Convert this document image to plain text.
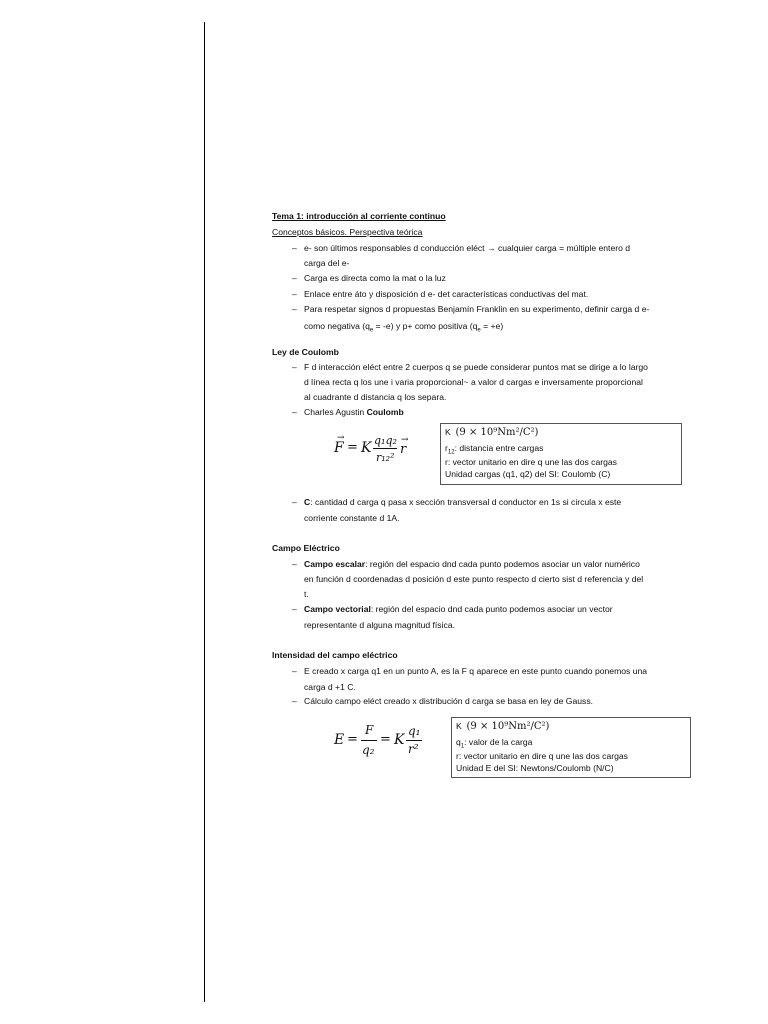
Tema 1: introducción al corriente continuo
Conceptos básicos. Perspectiva teórica
– e- son últimos responsables d conducción eléct → cualquier carga = múltiple entero d
carga del e-
– Carga es directa como la mat o la luz
– Enlace entre áto y disposición d e- det características conductivas del mat.
– Para respetar signos d propuestas Benjamín Franklin en su experimento, definir carga d e-
como negativa $(q_e = -e)$ y p+ como positiva $(q_e = +e)$
Ley de Coulomb
– F d interacción eléct entre 2 cuerpos q se puede considerar puntos mat se dirige a lo largo
d línea recta q los une i varia proporcional~ a valor d cargas e inversamente proporcional
al cuadrante d distancia q los separa.
– Charles Agustin Coulomb
F
→
= K q₁q₂
r₁₂²
r
→
K (9 × 10⁹Nm²/C²)
$r_{12}$: distancia entre cargas
r: vector unitario en dire q une las dos cargas
Unidad cargas (q1, q2) del SI: Coulomb (C)
– C: cantidad d carga q pasa x sección transversal d conductor en 1s si circula x este
corriente constante d 1A.
Campo Eléctrico
– Campo escalar: región del espacio dnd cada punto podemos asociar un valor numérico
en función d coordenadas d posición d este punto respecto d cierto sist d referencia y del
t.
– Campo vectorial: región del espacio dnd cada punto podemos asociar un vector
representante d alguna magnitud física.
Intensidad del campo eléctrico
– E creado x carga q1 en un punto A, es la F q aparece en este punto cuando ponemos una
carga d +1 C.
– Cálculo campo eléct creado x distribución d carga se basa en ley de Gauss.
E =
F
q₂
= K
q₁
r²
K (9 × 10⁹Nm²/C²)
$q_1$: valor de la carga
r: vector unitario en dire q une las dos cargas
Unidad E del SI: Newtons/Coulomb (N/C)
